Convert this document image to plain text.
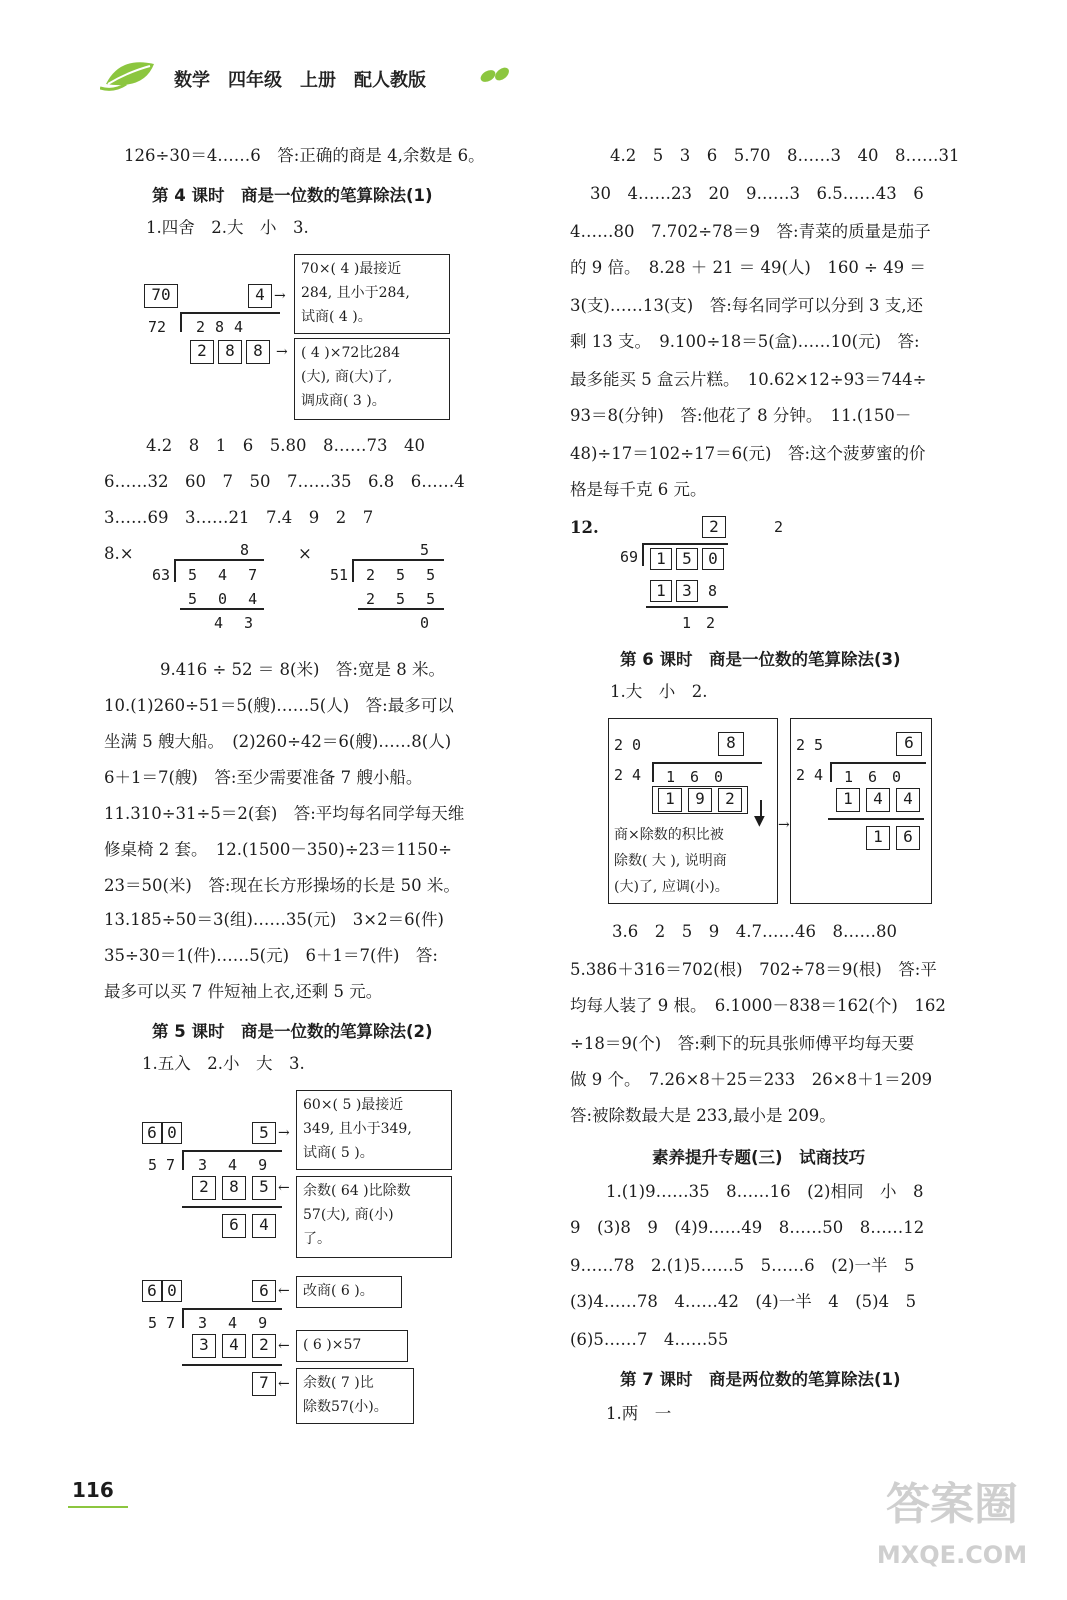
数学　四年级　上册　配人教版
126÷30＝4……6　答:正确的商是 4,余数是 6。
第 4 课时　商是一位数的笔算除法(1)
1.四舍　2.大　小　3.
70	4 →
72 284
2	8	8 →
70×( 4 )最接近
284, 且小于284,
试商( 4 )。
( 4 )×72比284
(大), 商(大)了,
调成商( 3 )。
4.2　8　1　6　5.80　8……73　40
6……32　60　7　50　7……35　6.8　6……4
3……69　3……21　7.4　9　2　7
8.×	8
63 5 4 7
5 0 4
4 3
×	5
51 2 5 5
2 5 5
0
9.416 ÷ 52 ＝ 8(米)　答:宽是 8 米。
10.(1)260÷51＝5(艘)……5(人)　答:最多可以
坐满 5 艘大船。　(2)260÷42＝6(艘)……8(人)
6＋1＝7(艘)　答:至少需要准备 7 艘小船。
11.310÷31÷5＝2(套)　答:平均每名同学每天维
修桌椅 2 套。　12.(1500－350)÷23＝1150÷
23＝50(米)　答:现在长方形操场的长是 50 米。
13.185÷50＝3(组)……35(元)　3×2＝6(件)
35÷30＝1(件)……5(元)　6＋1＝7(件)　答:
最多可以买 7 件短袖上衣,还剩 5 元。
第 5 课时　商是一位数的笔算除法(2)
1.五入　2.小　大　3.
6 0	5 →
5 7 3 4 9
2	8	5 ←
6	4
60×( 5 )最接近
349, 且小于349,
试商( 5 )。
余数( 64 )比除数
57(大), 商(小)
了。
6 0	6 ←
5 7 3 4 9
3	4	2 ←
7 ←
改商( 6 )。
( 6 )×57
余数( 7 )比
除数57(小)。
4.2　5　3　6　5.70　8……3　40　8……31
30　4……23　20　9……3　6.5……43　6
4……80　7.702÷78＝9　答:青菜的质量是茄子
的 9 倍。　8.28 ＋ 21 ＝ 49(人)　160 ÷ 49 ＝
3(支)……13(支)　答:每名同学可以分到 3 支,还
剩 13 支。　9.100÷18＝5(盒)……10(元)　答:
最多能买 5 盒云片糕。　10.62×12÷93＝744÷
93＝8(分钟)　答:他花了 8 分钟。　11.(150－
48)÷17＝102÷17＝6(元)　答:这个菠萝蜜的价
格是每千克 6 元。
12.	2	2
69	1	5	0
1	3	8
1　2
第 6 课时　商是一位数的笔算除法(3)
1.大　小　2.
2 0	8
2 4 1　6　0
1	9	2
▼
商×除数的积比被
除数( 大 ), 说明商
(大)了, 应调(小)。
→
2 5	6
2 4 1　6　0
1	4	4
1	6
3.6　2　5　9　4.7……46　8……80
5.386＋316＝702(根)　702÷78＝9(根)　答:平
均每人装了 9 根。　6.1000－838＝162(个)　162
÷18＝9(个)　答:剩下的玩具张师傅平均每天要
做 9 个。　7.26×8＋25＝233　26×8＋1＝209
答:被除数最大是 233,最小是 209。
素养提升专题(三)　试商技巧
1.(1)9……35　8……16　(2)相同　小　8
9　(3)8　9　(4)9……49　8……50　8……12
9……78　2.(1)5……5　5……6　(2)一半　5
(3)4……78　4……42　(4)一半　4　(5)4　5
(6)5……7　4……55
第 7 课时　商是两位数的笔算除法(1)
1.两　一
116	答案圈
MXQE.COM
